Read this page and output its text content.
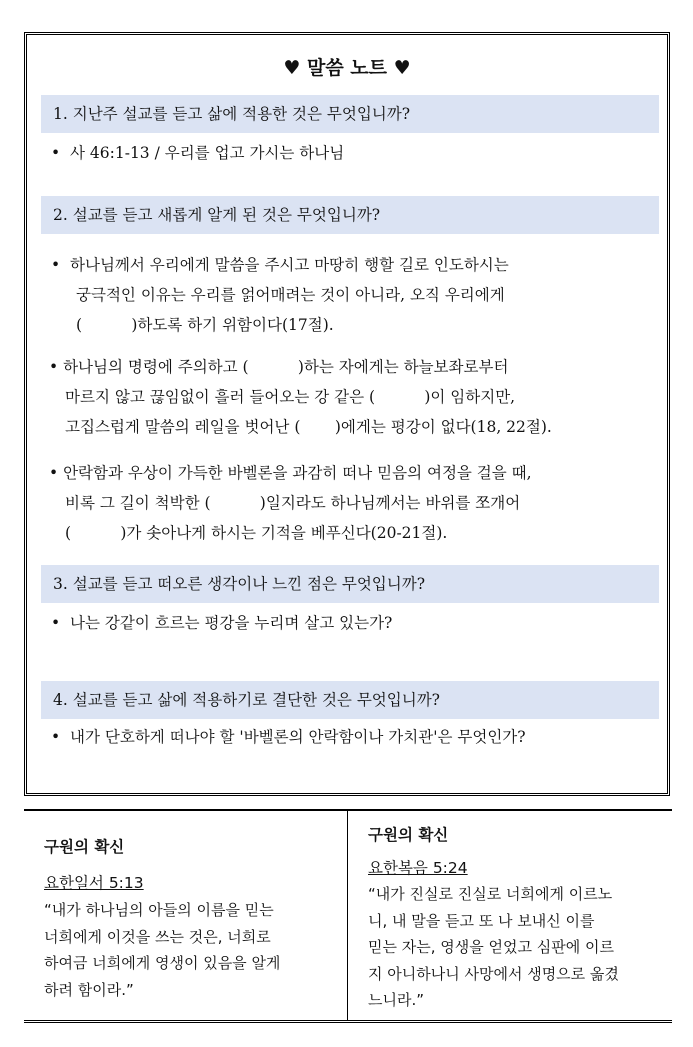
♥ 말씀 노트 ♥
1. 지난주 설교를 듣고 삶에 적용한 것은 무엇입니까?
•  사 46:1-13 / 우리를 업고 가시는 하나님
2. 설교를 듣고 새롭게 알게 된 것은 무엇입니까?
•  하나님께서 우리에게 말씀을 주시고 마땅히 행할 길로 인도하시는
궁극적인 이유는 우리를 얽어매려는 것이 아니라, 오직 우리에게
(          )하도록 하기 위함이다(17절).
• 하나님의 명령에 주의하고 (          )하는 자에게는 하늘보좌로부터
마르지 않고 끊임없이 흘러 들어오는 강 같은 (          )이 임하지만,
고집스럽게 말씀의 레일을 벗어난 (       )에게는 평강이 없다(18, 22절).
• 안락함과 우상이 가득한 바벨론을 과감히 떠나 믿음의 여정을 걸을 때,
비록 그 길이 척박한 (          )일지라도 하나님께서는 바위를 쪼개어
(          )가 솟아나게 하시는 기적을 베푸신다(20-21절).
3. 설교를 듣고 떠오른 생각이나 느낀 점은 무엇입니까?
•  나는 강같이 흐르는 평강을 누리며 살고 있는가?
4. 설교를 듣고 삶에 적용하기로 결단한 것은 무엇입니까?
•  내가 단호하게 떠나야 할 '바벨론의 안락함이나 가치관'은 무엇인가?
구원의 확신
요한일서 5:13
“내가 하나님의 아들의 이름을 믿는
너희에게 이것을 쓰는 것은, 너희로
하여금 너희에게 영생이 있음을 알게
하려 함이라.”
구원의 확신
요한복음 5:24
“내가 진실로 진실로 너희에게 이르노
니, 내 말을 듣고 또 나 보내신 이를
믿는 자는, 영생을 얻었고 심판에 이르
지 아니하나니 사망에서 생명으로 옮겼
느니라.”
